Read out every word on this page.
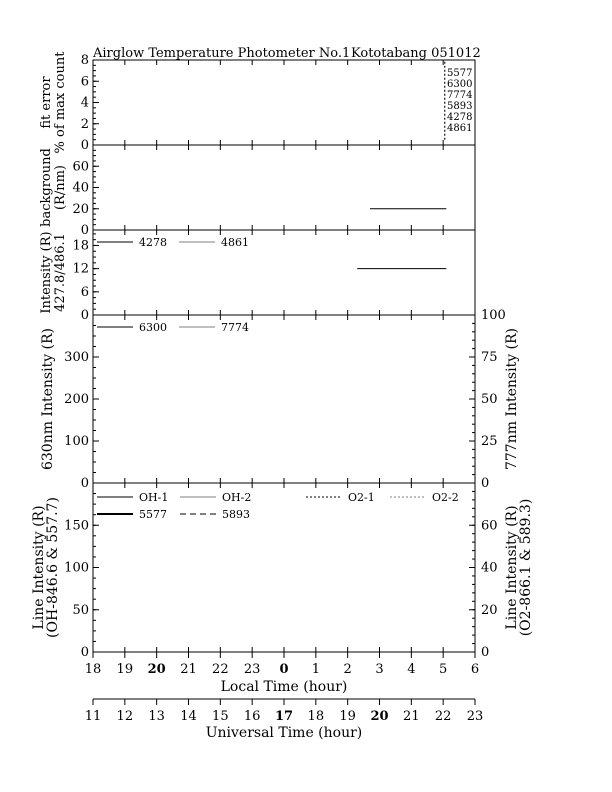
Airglow Temperature Photometer No.1 Kototabang 051012
0
2
4
6
8
fit error % of max count	5577
6300
7774
5893
4278
4861
0
20
40
60
background (R/nm)
0
6
12
18
Intensity (R) 427.8/486.1	4278	4861
0
100
200
300
0
25
50
75
100
630nm Intensity (R)	777nm Intensity (R)
6300	7774
0
50
100
150
0
20
40
60
Line Intensity (R)
(OH-846.6 & 557.7)	Line Intensity (R)
(O2-866.1 & 589.3)
OH-1	OH-2	O2-1	O2-2
5577	5893
18 19 20 21 22 23 0 1 2 3 4 5 6
Local Time (hour)
11 12 13 14 15 16 17 18 19 20 21 22 23
Universal Time (hour)
